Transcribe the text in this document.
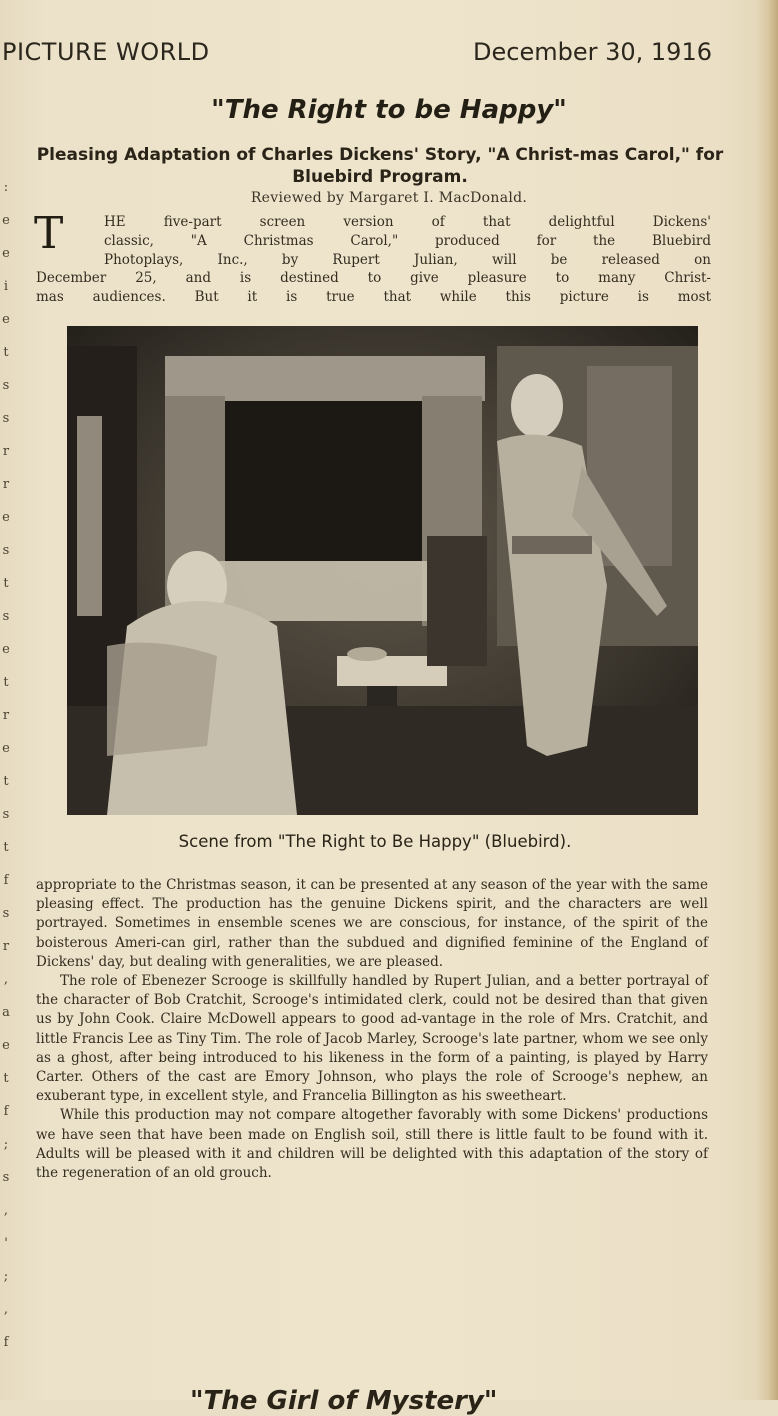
PICTURE WORLD	December 30, 1916
:
e
e
i
e
t
s
s
r
r
e
s
t
s
e
t
r
e
t
s
t
f
s
r
,
a
e
t
f
;
s
,
'
;
,
f
"The Right to be Happy"
Pleasing Adaptation of Charles Dickens' Story, "A Christ-mas Carol," for Bluebird Program.
Reviewed by Margaret I. MacDonald.
T	HE five-part screen version of that delightful Dickens'
classic, "A Christmas Carol," produced for the Bluebird
Photoplays, Inc., by Rupert Julian, will be released on
December 25, and is destined to give pleasure to many Christ-
mas audiences. But it is true that while this picture is most
Scene from "The Right to Be Happy" (Bluebird).

appropriate to the Christmas season, it can be presented at any season of the year with the same pleasing effect. The production has the genuine Dickens spirit, and the characters are well portrayed. Sometimes in ensemble scenes we are conscious, for instance, of the spirit of the boisterous Ameri-can girl, rather than the subdued and dignified feminine of the England of Dickens' day, but dealing with generalities, we are pleased.

The role of Ebenezer Scrooge is skillfully handled by Rupert Julian, and a better portrayal of the character of Bob Cratchit, Scrooge's intimidated clerk, could not be desired than that given us by John Cook. Claire McDowell appears to good ad-vantage in the role of Mrs. Cratchit, and little Francis Lee as Tiny Tim. The role of Jacob Marley, Scrooge's late partner, whom we see only as a ghost, after being introduced to his likeness in the form of a painting, is played by Harry Carter. Others of the cast are Emory Johnson, who plays the role of Scrooge's nephew, an exuberant type, in excellent style, and Francelia Billington as his sweetheart.

While this production may not compare altogether favorably with some Dickens' productions we have seen that have been made on English soil, still there is little fault to be found with it. Adults will be pleased with it and children will be delighted with this adaptation of the story of the regeneration of an old grouch.

"The Girl of Mystery"
